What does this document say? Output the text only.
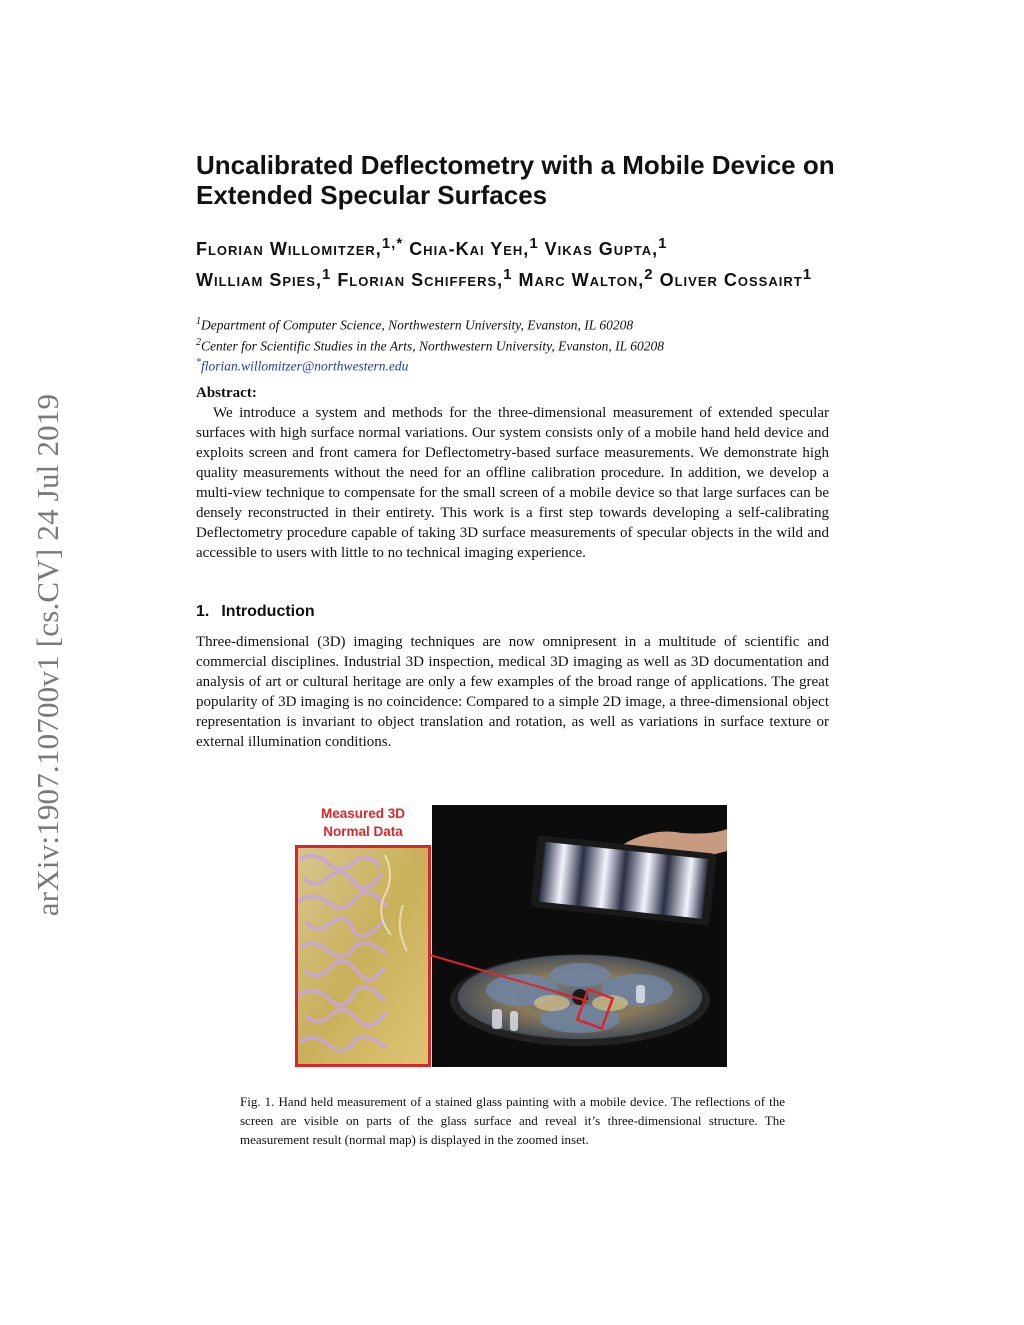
arXiv:1907.10700v1 [cs.CV] 24 Jul 2019
Uncalibrated Deflectometry with a Mobile Device on Extended Specular Surfaces
Florian Willomitzer,$^{1,*}$ Chia-Kai Yeh,$^1$ Vikas Gupta,$^1$
William Spies,$^1$ Florian Schiffers,$^1$ Marc Walton,$^2$ Oliver Cossairt$^1$
$^1$Department of Computer Science, Northwestern University, Evanston, IL 60208
$^2$Center for Scientific Studies in the Arts, Northwestern University, Evanston, IL 60208
*florian.willomitzer@northwestern.edu
Abstract:
We introduce a system and methods for the three-dimensional measurement of extended specular surfaces with high surface normal variations. Our system consists only of a mobile hand held device and exploits screen and front camera for Deflectometry-based surface measurements. We demonstrate high quality measurements without the need for an offline calibration procedure. In addition, we develop a multi-view technique to compensate for the small screen of a mobile device so that large surfaces can be densely reconstructed in their entirety. This work is a first step towards developing a self-calibrating Deflectometry procedure capable of taking 3D surface measurements of specular objects in the wild and accessible to users with little to no technical imaging experience.
1. Introduction
Three-dimensional (3D) imaging techniques are now omnipresent in a multitude of scientific and commercial disciplines. Industrial 3D inspection, medical 3D imaging as well as 3D documentation and analysis of art or cultural heritage are only a few examples of the broad range of applications. The great popularity of 3D imaging is no coincidence: Compared to a simple 2D image, a three-dimensional object representation is invariant to object translation and rotation, as well as variations in surface texture or external illumination conditions.
Measured 3D
Normal Data
Fig. 1. Hand held measurement of a stained glass painting with a mobile device. The reflections of the screen are visible on parts of the glass surface and reveal it’s three-dimensional structure. The measurement result (normal map) is displayed in the zoomed inset.
